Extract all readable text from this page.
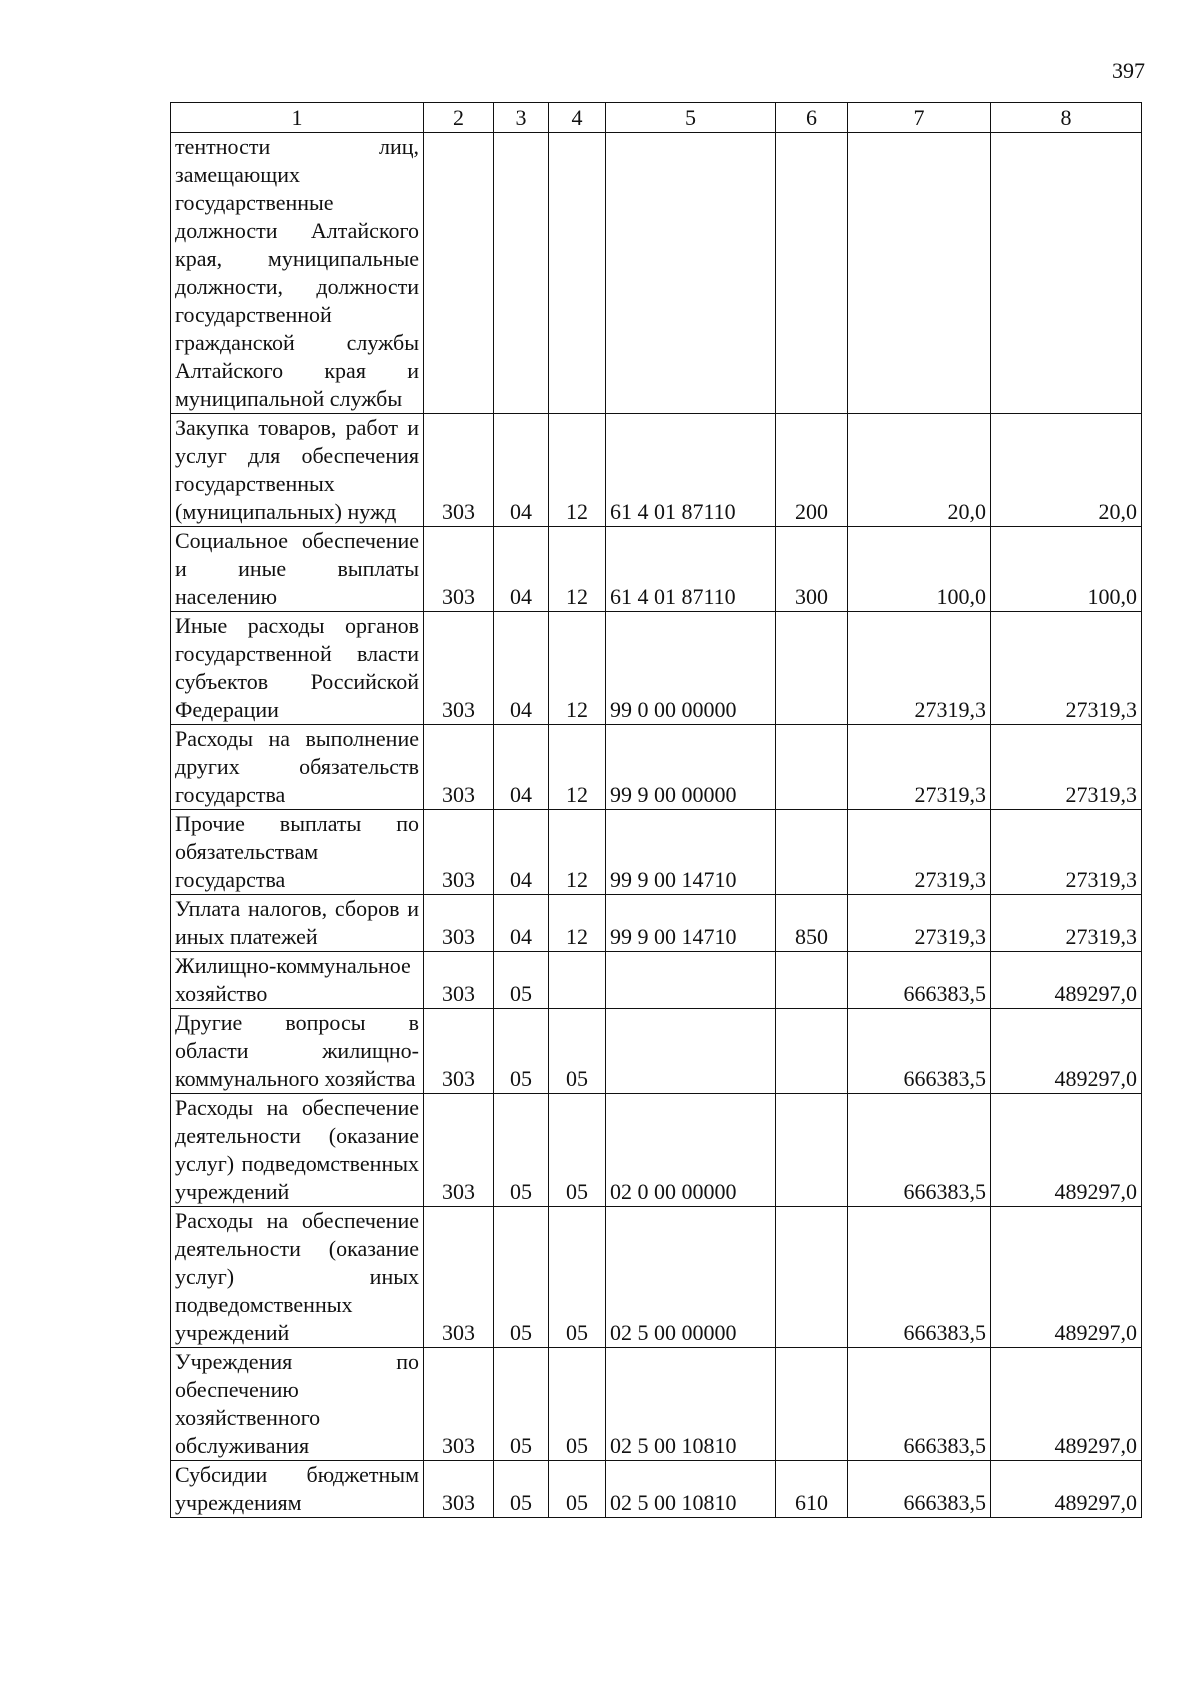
397
1	2	3	4	5	6	7	8
тентности лиц, замещающих государственные должности Алтайского края, муниципальные должности, должности государственной гражданской службы Алтайского края и муниципальной службы							
Закупка товаров, работ и услуг для обеспечения государственных (муниципальных) нужд	303	04	12	61 4 01 87110	200	20,0	20,0
Социальное обеспечение и иные выплаты населению	303	04	12	61 4 01 87110	300	100,0	100,0
Иные расходы органов государственной власти субъектов Российской Федерации	303	04	12	99 0 00 00000		27319,3	27319,3
Расходы на выполнение других обязательств государства	303	04	12	99 9 00 00000		27319,3	27319,3
Прочие выплаты по обязательствам государства	303	04	12	99 9 00 14710		27319,3	27319,3
Уплата налогов, сборов и иных платежей	303	04	12	99 9 00 14710	850	27319,3	27319,3
Жилищно-коммунальное хозяйство	303	05				666383,5	489297,0
Другие вопросы в области жилищно-коммунального хозяйства	303	05	05			666383,5	489297,0
Расходы на обеспечение деятельности (оказание услуг) подведомственных учреждений	303	05	05	02 0 00 00000		666383,5	489297,0
Расходы на обеспечение деятельности (оказание услуг) иных подведомственных учреждений	303	05	05	02 5 00 00000		666383,5	489297,0
Учреждения по обеспечению хозяйственного обслуживания	303	05	05	02 5 00 10810		666383,5	489297,0
Субсидии бюджетным учреждениям	303	05	05	02 5 00 10810	610	666383,5	489297,0
